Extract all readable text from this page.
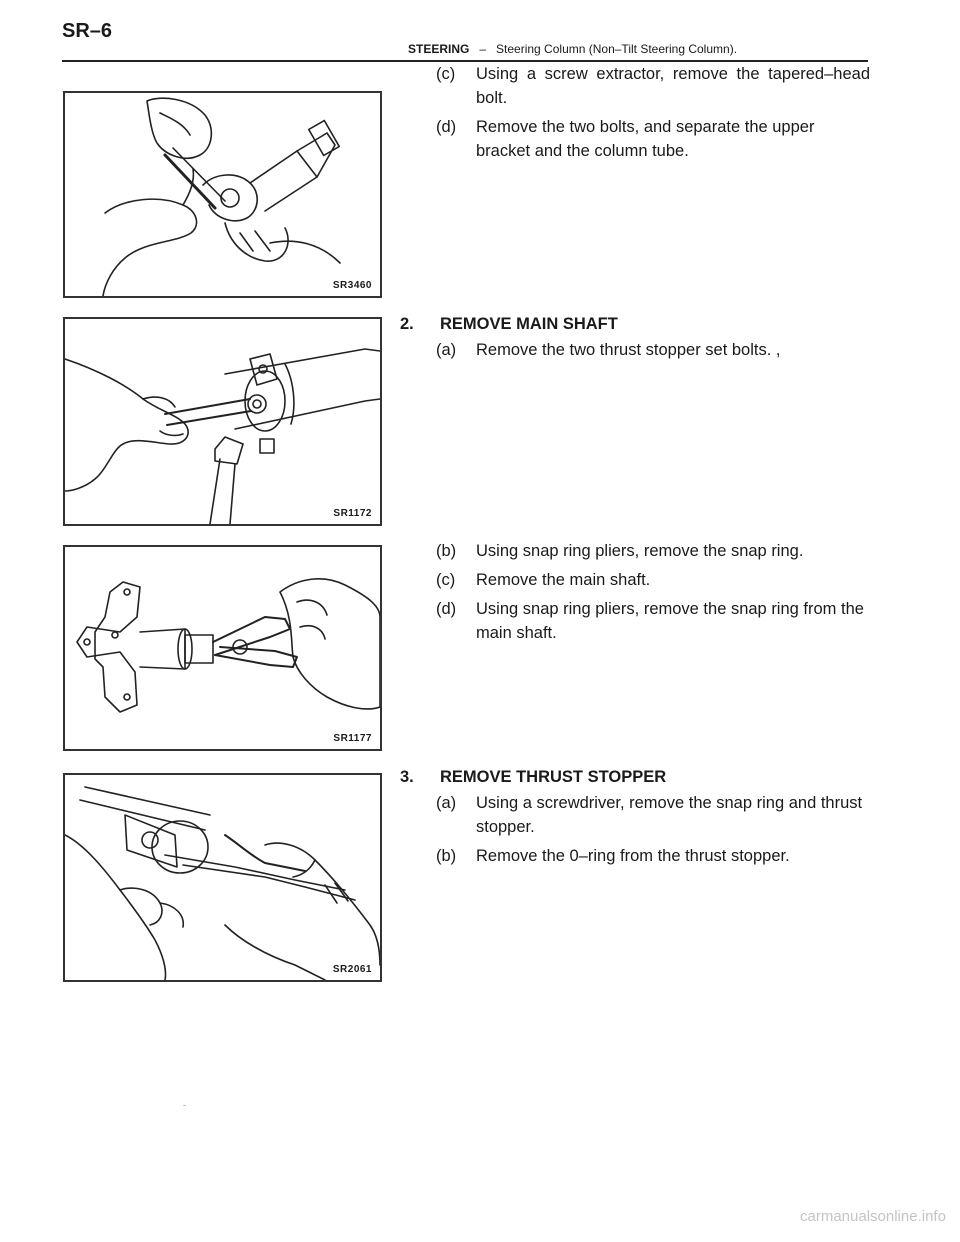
SR–6
STEERING – Steering Column (Non–Tilt Steering Column).
SR3460
SR1172
SR1177
SR2061
(c) Using a screw extractor, remove the tapered–head bolt.
(d) Remove the two bolts, and separate the upper bracket and the column tube.
2. REMOVE MAIN SHAFT
(a) Remove the two thrust stopper set bolts. ,
(b) Using snap ring pliers, remove the snap ring.
(c) Remove the main shaft.
(d) Using snap ring pliers, remove the snap ring from the main shaft.
3. REMOVE THRUST STOPPER
(a) Using a screwdriver, remove the snap ring and thrust stopper.
(b) Remove the 0–ring from the thrust stopper.
-
carmanualsonline.info
